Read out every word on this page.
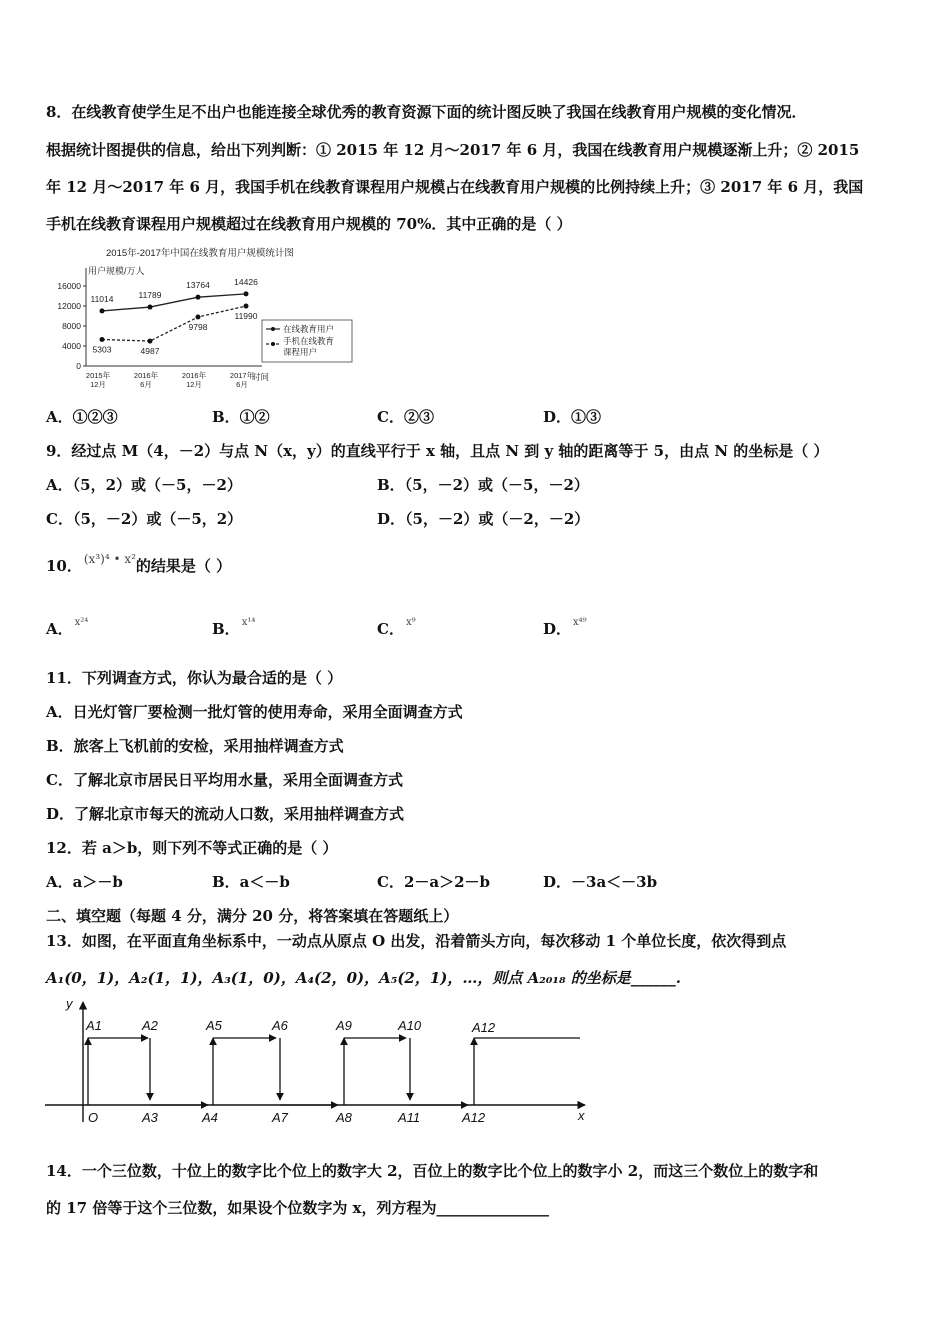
8．在线教育使学生足不出户也能连接全球优秀的教育资源下面的统计图反映了我国在线教育用户规模的变化情况．
根据统计图提供的信息，给出下列判断：① 2015 年 12 月～2017 年 6 月，我国在线教育用户规模逐渐上升；② 2015
年 12 月～2017 年 6 月，我国手机在线教育课程用户规模占在线教育用户规模的比例持续上升；③ 2017 年 6 月，我国
手机在线教育课程用户规模超过在线教育用户规模的 70%．其中正确的是（ ）
2015年-2017年中国在线教育用户规模统计图
用户规模/万人
时间
0
4000
8000
12000
16000
2015年
12月
2016年
6月
2016年
12月
2017年
6月
11014	11789
13764	14426
5303	4987
9798
11990
在线教育用户
手机在线教育
课程用户
A．①②③	B．①②	C．②③	D．①③
9．经过点 M（4，－2）与点 N（x，y）的直线平行于 x 轴，且点 N 到 y 轴的距离等于 5，由点 N 的坐标是（ ）
A．（5，2）或（－5，－2）	B．（5，－2）或（－5，－2）
C．（5，－2）或（－5，2）	D．（5，－2）或（－2，－2）
10． $^{(x^3)^4 • x^2}$的结果是（ ）
A． $^{x^{24}}$	B． $^{x^{14}}$	C． $^{x^9}$	D． $^{x^{49}}$
11．下列调查方式，你认为最合适的是（ ）
A．日光灯管厂要检测一批灯管的使用寿命，采用全面调查方式
B．旅客上飞机前的安检，采用抽样调查方式
C．了解北京市居民日平均用水量，采用全面调查方式
D．了解北京市每天的流动人口数，采用抽样调查方式
12．若 a＞b，则下列不等式正确的是（ ）
A．a＞－b	B．a＜－b	C．2－a＞2－b	D．－3a＜－3b
二、填空题（每题 4 分，满分 20 分，将答案填在答题纸上）
13．如图，在平面直角坐标系中，一动点从原点 O 出发，沿着箭头方向，每次移动 1 个单位长度，依次得到点
A₁(0，1)，A₂(1，1)，A₃(1，0)，A₄(2，0)，A₅(2，1)，…，则点 A₂₀₁₈ 的坐标是______.
y
x
O
A1	A2	A5	A6	A9	A10	A12
A3	A4	A7	A8	A11	A12
14．一个三位数，十位上的数字比个位上的数字大 2，百位上的数字比个位上的数字小 2，而这三个数位上的数字和
的 17 倍等于这个三位数，如果设个位数字为 x，列方程为_______________
